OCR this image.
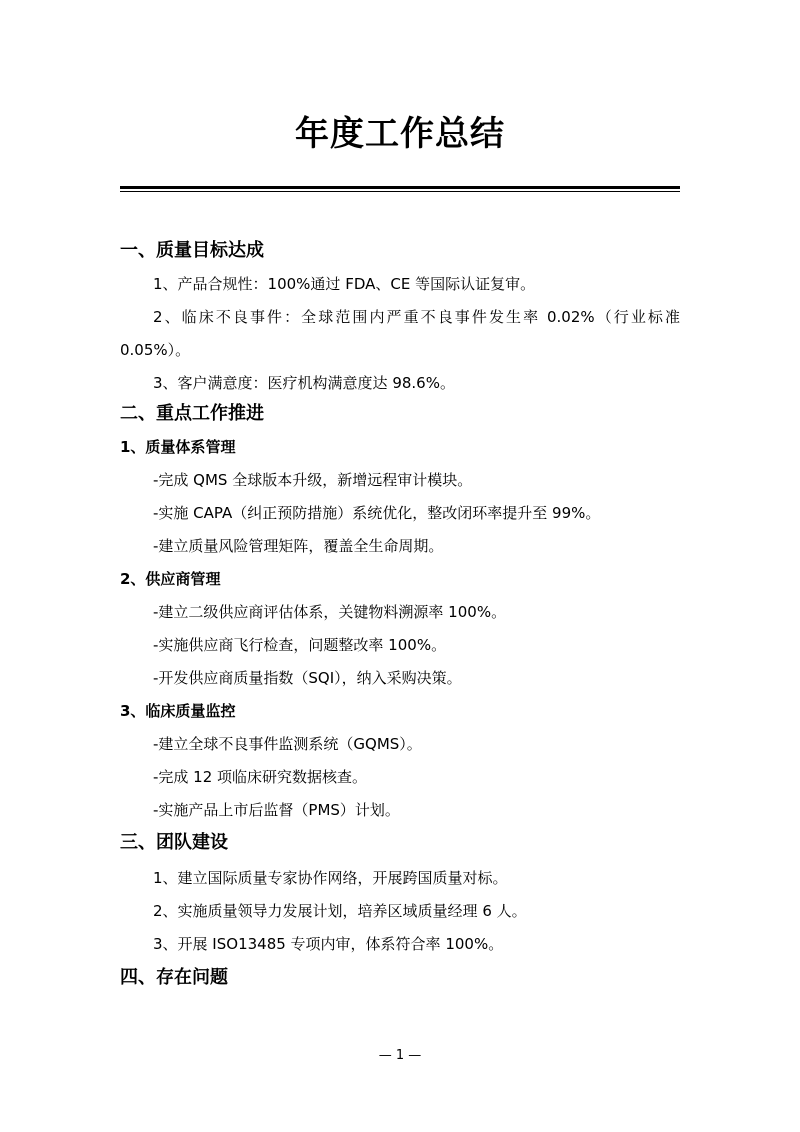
年度工作总结
一、质量目标达成
1、产品合规性：100%通过 FDA、CE 等国际认证复审。
2、临床不良事件：全球范围内严重不良事件发生率 0.02%（行业标准 0.05%）。
3、客户满意度：医疗机构满意度达 98.6%。
二、重点工作推进
1、质量体系管理
-完成 QMS 全球版本升级，新增远程审计模块。
-实施 CAPA（纠正预防措施）系统优化，整改闭环率提升至 99%。
-建立质量风险管理矩阵，覆盖全生命周期。
2、供应商管理
-建立二级供应商评估体系，关键物料溯源率 100%。
-实施供应商飞行检查，问题整改率 100%。
-开发供应商质量指数（SQI），纳入采购决策。
3、临床质量监控
-建立全球不良事件监测系统（GQMS）。
-完成 12 项临床研究数据核查。
-实施产品上市后监督（PMS）计划。
三、团队建设
1、建立国际质量专家协作网络，开展跨国质量对标。
2、实施质量领导力发展计划，培养区域质量经理 6 人。
3、开展 ISO13485 专项内审，体系符合率 100%。
四、存在问题
— 1 —
